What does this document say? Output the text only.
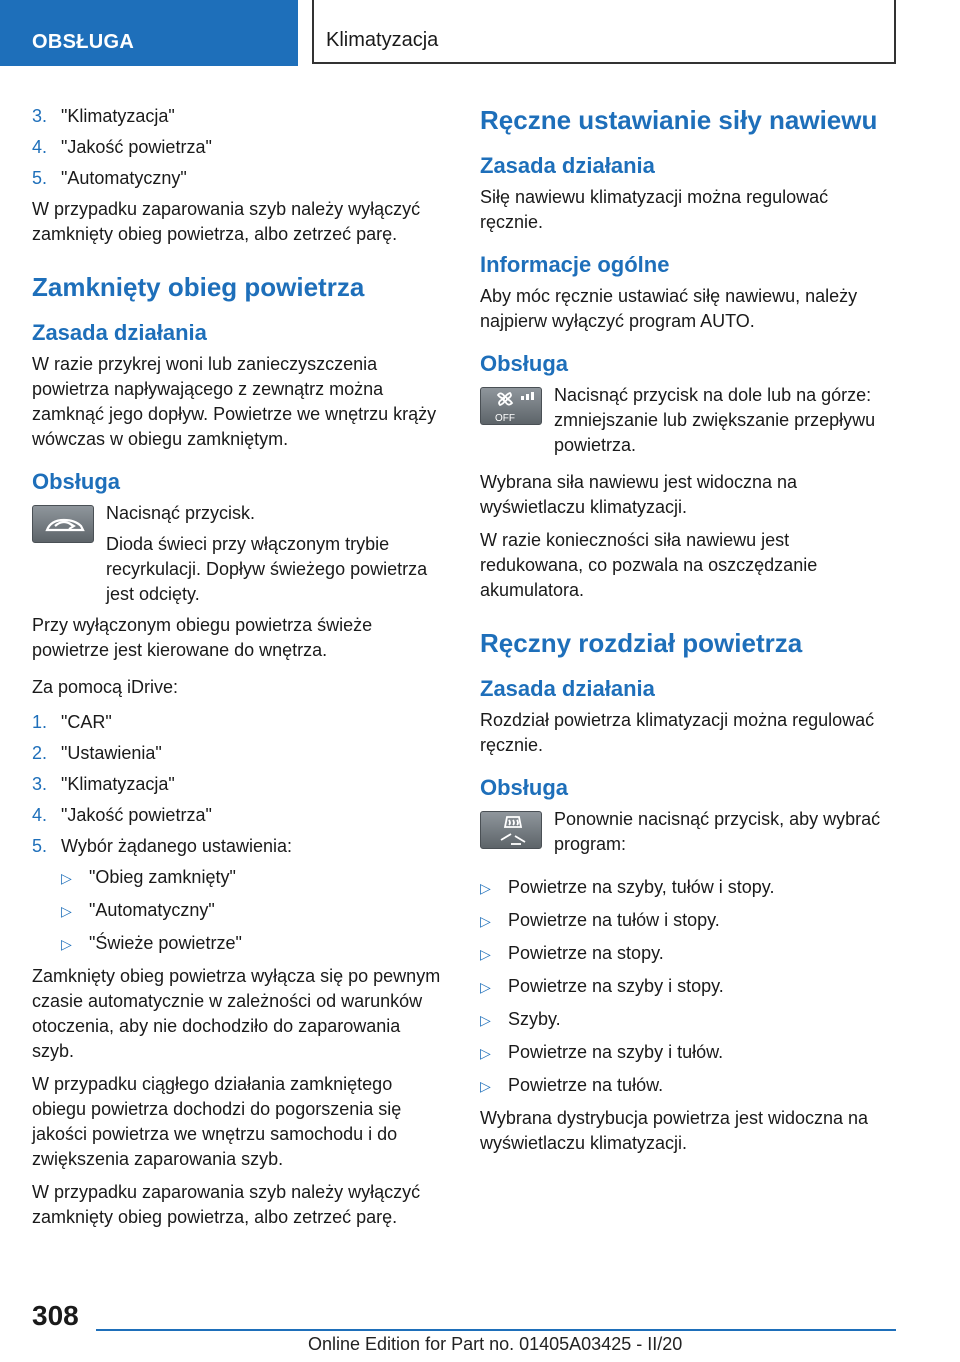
OBSŁUGA	Klimatyzacja
3. "Klimatyzacja"
4. "Jakość powietrza"
5. "Automatyczny"

W przypadku zaparowania szyb należy wyłączyć zamknięty obieg powietrza, albo zetrzeć parę.

Zamknięty obieg powietrza
Zasada działania

W razie przykrej woni lub zanieczyszczenia powietrza napływającego z zewnątrz można zamknąć jego dopływ. Powietrze we wnętrzu krąży wówczas w obiegu zamkniętym.

Obsługa
Nacisnąć przycisk.
Dioda świeci przy włączonym trybie recyrkulacji. Dopływ świeżego powietrza jest odcięty.

Przy wyłączonym obiegu powietrza świeże powietrze jest kierowane do wnętrza.

Za pomocą iDrive:

1. "CAR"
2. "Ustawienia"
3. "Klimatyzacja"
4. "Jakość powietrza"
5. Wybór żądanego ustawienia:
▷ "Obieg zamknięty"
▷ "Automatyczny"
▷ "Świeże powietrze"

Zamknięty obieg powietrza wyłącza się po pewnym czasie automatycznie w zależności od warunków otoczenia, aby nie dochodziło do zaparowania szyb.

W przypadku ciągłego działania zamkniętego obiegu powietrza dochodzi do pogorszenia się jakości powietrza we wnętrzu samochodu i do zwiększenia zaparowania szyb.

W przypadku zaparowania szyb należy wyłączyć zamknięty obieg powietrza, albo zetrzeć parę.

Ręczne ustawianie siły nawiewu
Zasada działania

Siłę nawiewu klimatyzacji można regulować ręcznie.

Informacje ogólne

Aby móc ręcznie ustawiać siłę nawiewu, należy najpierw wyłączyć program AUTO.

Obsługa
OFF
Nacisnąć przycisk na dole lub na górze: zmniejszanie lub zwiększanie przepływu powietrza.

Wybrana siła nawiewu jest widoczna na wyświetlaczu klimatyzacji.

W razie konieczności siła nawiewu jest redukowana, co pozwala na oszczędzanie akumulatora.

Ręczny rozdział powietrza
Zasada działania

Rozdział powietrza klimatyzacji można regulować ręcznie.

Obsługa
Ponownie nacisnąć przycisk, aby wybrać program:
▷ Powietrze na szyby, tułów i stopy.
▷ Powietrze na tułów i stopy.
▷ Powietrze na stopy.
▷ Powietrze na szyby i stopy.
▷ Szyby.
▷ Powietrze na szyby i tułów.
▷ Powietrze na tułów.

Wybrana dystrybucja powietrza jest widoczna na wyświetlaczu klimatyzacji.

308
Online Edition for Part no. 01405A03425 - II/20
